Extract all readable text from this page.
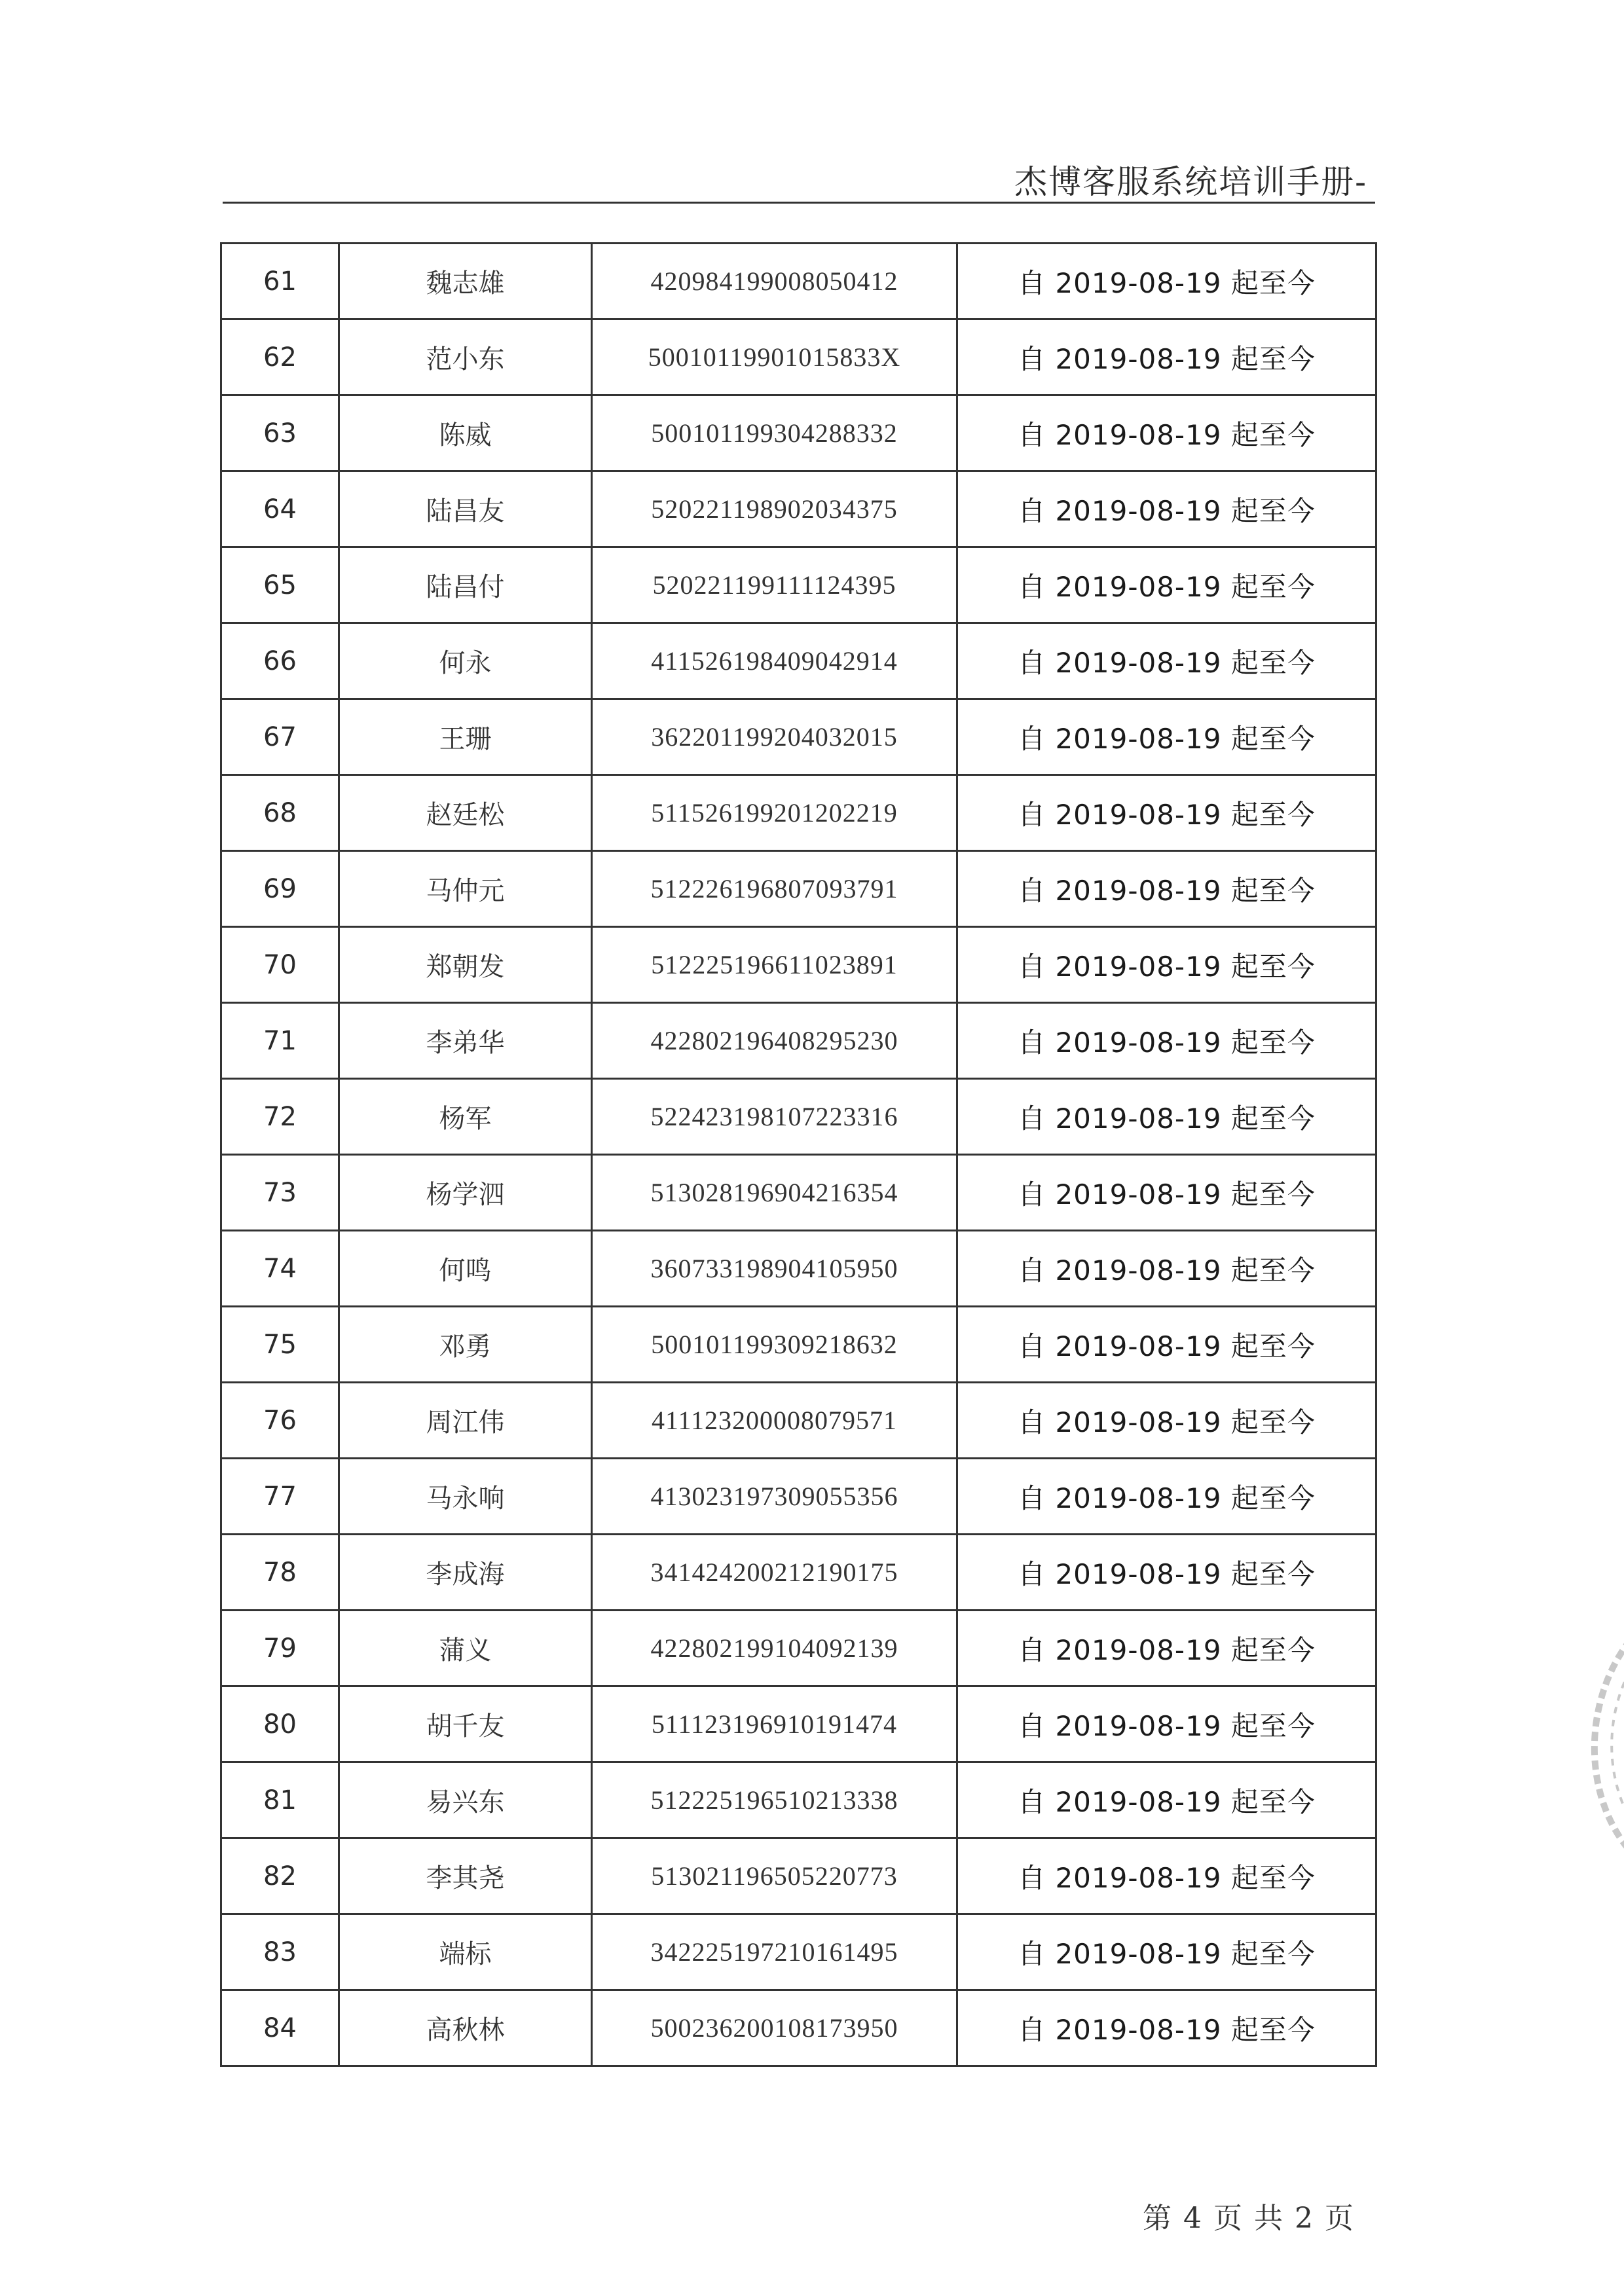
杰博客服系统培训手册-
61	魏志雄	420984199008050412	自 2019-08-19 起至今
62	范小东	50010119901015833X	自 2019-08-19 起至今
63	陈威	500101199304288332	自 2019-08-19 起至今
64	陆昌友	520221198902034375	自 2019-08-19 起至今
65	陆昌付	520221199111124395	自 2019-08-19 起至今
66	何永	411526198409042914	自 2019-08-19 起至今
67	王珊	362201199204032015	自 2019-08-19 起至今
68	赵廷松	511526199201202219	自 2019-08-19 起至今
69	马仲元	512226196807093791	自 2019-08-19 起至今
70	郑朝发	512225196611023891	自 2019-08-19 起至今
71	李弟华	422802196408295230	自 2019-08-19 起至今
72	杨军	522423198107223316	自 2019-08-19 起至今
73	杨学泗	513028196904216354	自 2019-08-19 起至今
74	何鸣	360733198904105950	自 2019-08-19 起至今
75	邓勇	500101199309218632	自 2019-08-19 起至今
76	周江伟	411123200008079571	自 2019-08-19 起至今
77	马永响	413023197309055356	自 2019-08-19 起至今
78	李成海	341424200212190175	自 2019-08-19 起至今
79	蒲义	422802199104092139	自 2019-08-19 起至今
80	胡千友	511123196910191474	自 2019-08-19 起至今
81	易兴东	512225196510213338	自 2019-08-19 起至今
82	李其尧	513021196505220773	自 2019-08-19 起至今
83	端标	342225197210161495	自 2019-08-19 起至今
84	高秋林	500236200108173950	自 2019-08-19 起至今
第 4 页 共 2 页
